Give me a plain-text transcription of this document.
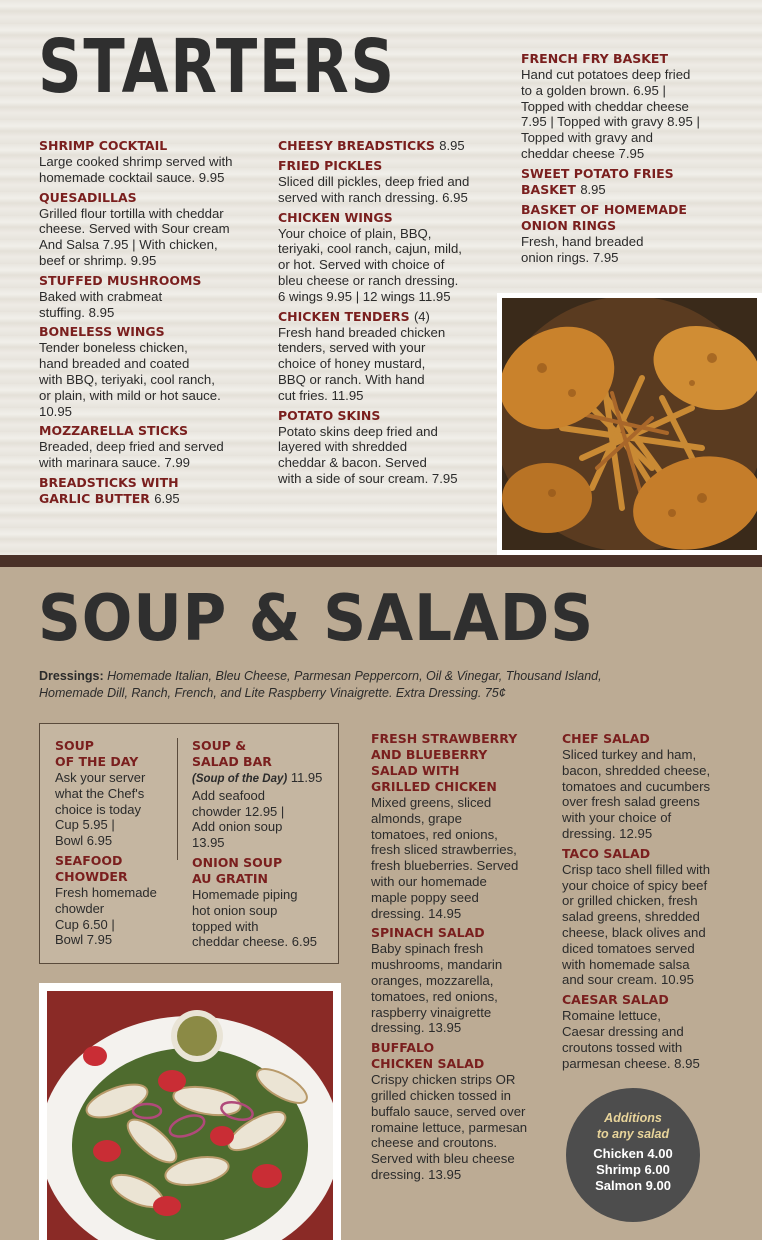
STARTERS
SHRIMP COCKTAIL
Large cooked shrimp served with
homemade cocktail sauce. 9.95
QUESADILLAS
Grilled flour tortilla with cheddar
cheese. Served with Sour cream
And Salsa 7.95 | With chicken,
beef or shrimp. 9.95
STUFFED MUSHROOMS
Baked with crabmeat
stuffing. 8.95
BONELESS WINGS
Tender boneless chicken,
hand breaded and coated
with BBQ, teriyaki, cool ranch,
or plain, with mild or hot sauce.
10.95
MOZZARELLA STICKS
Breaded, deep fried and served
with marinara sauce. 7.99
BREADSTICKS WITH
GARLIC BUTTER 6.95
CHEESY BREADSTICKS 8.95
FRIED PICKLES
Sliced dill pickles, deep fried and
served with ranch dressing. 6.95
CHICKEN WINGS
Your choice of plain, BBQ,
teriyaki, cool ranch, cajun, mild,
or hot. Served with choice of
bleu cheese or ranch dressing.
6 wings 9.95 | 12 wings 11.95
CHICKEN TENDERS (4)
Fresh hand breaded chicken
tenders, served with your
choice of honey mustard,
BBQ or ranch. With hand
cut fries. 11.95
POTATO SKINS
Potato skins deep fried and
layered with shredded
cheddar & bacon. Served
with a side of sour cream. 7.95
FRENCH FRY BASKET
Hand cut potatoes deep fried
to a golden brown. 6.95 |
Topped with cheddar cheese
7.95 | Topped with gravy 8.95 |
Topped with gravy and
cheddar cheese 7.95
SWEET POTATO FRIES
BASKET 8.95
BASKET OF HOMEMADE
ONION RINGS
Fresh, hand breaded
onion rings. 7.95
SOUP & SALADS
Dressings: Homemade Italian, Bleu Cheese, Parmesan Peppercorn, Oil & Vinegar, Thousand Island, Homemade Dill, Ranch, French, and Lite Raspberry Vinaigrette. Extra Dressing. 75¢
SOUP
OF THE DAY
Ask your server
what the Chef's
choice is today
Cup 5.95 |
Bowl 6.95
SEAFOOD
CHOWDER
Fresh homemade
chowder
Cup 6.50 |
Bowl 7.95
SOUP &
SALAD BAR
(Soup of the Day) 11.95
Add seafood
chowder 12.95 |
Add onion soup
13.95
ONION SOUP
AU GRATIN
Homemade piping
hot onion soup
topped with
cheddar cheese. 6.95
FRESH STRAWBERRY
AND BLUEBERRY
SALAD WITH
GRILLED CHICKEN
Mixed greens, sliced
almonds, grape
tomatoes, red onions,
fresh sliced strawberries,
fresh blueberries. Served
with our homemade
maple poppy seed
dressing. 14.95
SPINACH SALAD
Baby spinach fresh
mushrooms, mandarin
oranges, mozzarella,
tomatoes, red onions,
raspberry vinaigrette
dressing. 13.95
BUFFALO
CHICKEN SALAD
Crispy chicken strips OR
grilled chicken tossed in
buffalo sauce, served over
romaine lettuce, parmesan
cheese and croutons.
Served with bleu cheese
dressing. 13.95
CHEF SALAD
Sliced turkey and ham,
bacon, shredded cheese,
tomatoes and cucumbers
over fresh salad greens
with your choice of
dressing. 12.95
TACO SALAD
Crisp taco shell filled with
your choice of spicy beef
or grilled chicken, fresh
salad greens, shredded
cheese, black olives and
diced tomatoes served
with homemade salsa
and sour cream. 10.95
CAESAR SALAD
Romaine lettuce,
Caesar dressing and
croutons tossed with
parmesan cheese. 8.95
Additions
to any salad
Chicken 4.00
Shrimp 6.00
Salmon 9.00
